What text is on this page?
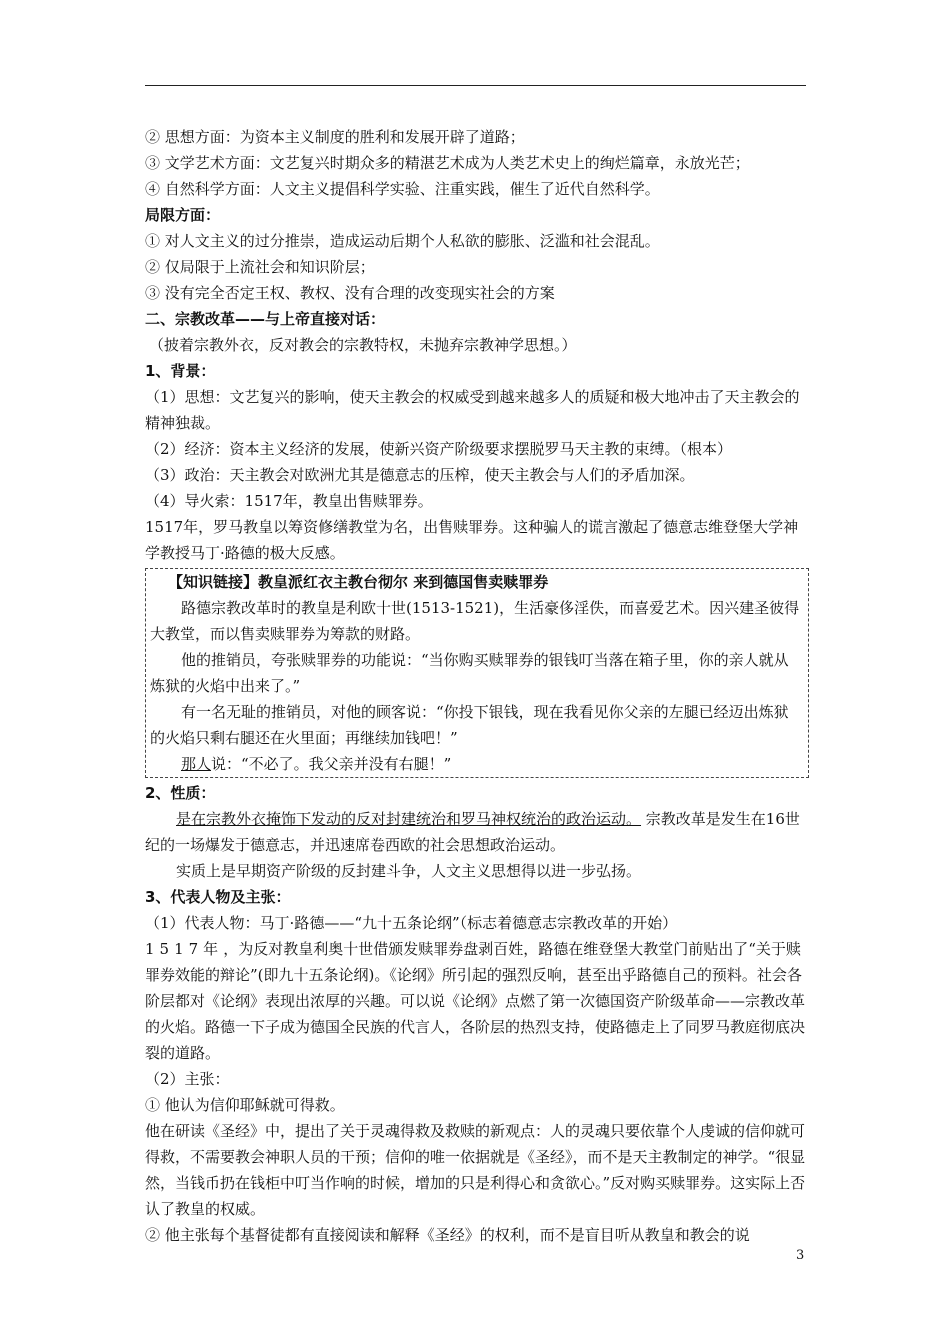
② 思想方面：为资本主义制度的胜利和发展开辟了道路；
③ 文学艺术方面：文艺复兴时期众多的精湛艺术成为人类艺术史上的绚烂篇章，永放光芒；
④ 自然科学方面：人文主义提倡科学实验、注重实践，催生了近代自然科学。
局限方面：
① 对人文主义的过分推崇，造成运动后期个人私欲的膨胀、泛滥和社会混乱。
② 仅局限于上流社会和知识阶层；
③ 没有完全否定王权、教权、没有合理的改变现实社会的方案
二、宗教改革——与上帝直接对话：
（披着宗教外衣，反对教会的宗教特权，未抛弃宗教神学思想。）
1、背景：
（1）思想：文艺复兴的影响，使天主教会的权威受到越来越多人的质疑和极大地冲击了天主教会的精神独裁。
（2）经济：资本主义经济的发展，使新兴资产阶级要求摆脱罗马天主教的束缚。（根本）
（3）政治：天主教会对欧洲尤其是德意志的压榨，使天主教会与人们的矛盾加深。
（4）导火索：1517年，教皇出售赎罪券。
1517年，罗马教皇以筹资修缮教堂为名，出售赎罪券。这种骗人的谎言激起了德意志维登堡大学神学教授马丁·路德的极大反感。
【知识链接】教皇派红衣主教台彻尔 来到德国售卖赎罪券
路德宗教改革时的教皇是利欧十世(1513-1521)，生活豪侈淫佚，而喜爱艺术。因兴建圣彼得大教堂，而以售卖赎罪券为筹款的财路。
他的推销员，夸张赎罪券的功能说：“当你购买赎罪券的银钱叮当落在箱子里，你的亲人就从炼狱的火焰中出来了。”
有一名无耻的推销员，对他的顾客说：“你投下银钱，现在我看见你父亲的左腿已经迈出炼狱的火焰只剩右腿还在火里面；再继续加钱吧！”
那人说：“不必了。我父亲并没有右腿！”
2、性质：
是在宗教外衣掩饰下发动的反对封建统治和罗马神权统治的政治运动。 宗教改革是发生在16世纪的一场爆发于德意志，并迅速席卷西欧的社会思想政治运动。
实质上是早期资产阶级的反封建斗争，人文主义思想得以进一步弘扬。
3、代表人物及主张：
（1）代表人物：马丁·路德——“九十五条论纲”（标志着德意志宗教改革的开始）
1517年，为反对教皇利奥十世借颁发赎罪券盘剥百姓，路德在维登堡大教堂门前贴出了“关于赎罪券效能的辩论”(即九十五条论纲)。《论纲》所引起的强烈反响，甚至出乎路德自己的预料。社会各阶层都对《论纲》表现出浓厚的兴趣。可以说《论纲》点燃了第一次德国资产阶级革命——宗教改革的火焰。路德一下子成为德国全民族的代言人，各阶层的热烈支持，使路德走上了同罗马教庭彻底决裂的道路。
（2）主张：
① 他认为信仰耶稣就可得救。
他在研读《圣经》中，提出了关于灵魂得救及救赎的新观点：人的灵魂只要依靠个人虔诚的信仰就可得救，不需要教会神职人员的干预；信仰的唯一依据就是《圣经》，而不是天主教制定的神学。“很显然，当钱币扔在钱柜中叮当作响的时候，增加的只是利得心和贪欲心。”反对购买赎罪券。这实际上否认了教皇的权威。
② 他主张每个基督徒都有直接阅读和解释《圣经》的权利，而不是盲目听从教皇和教会的说
3
